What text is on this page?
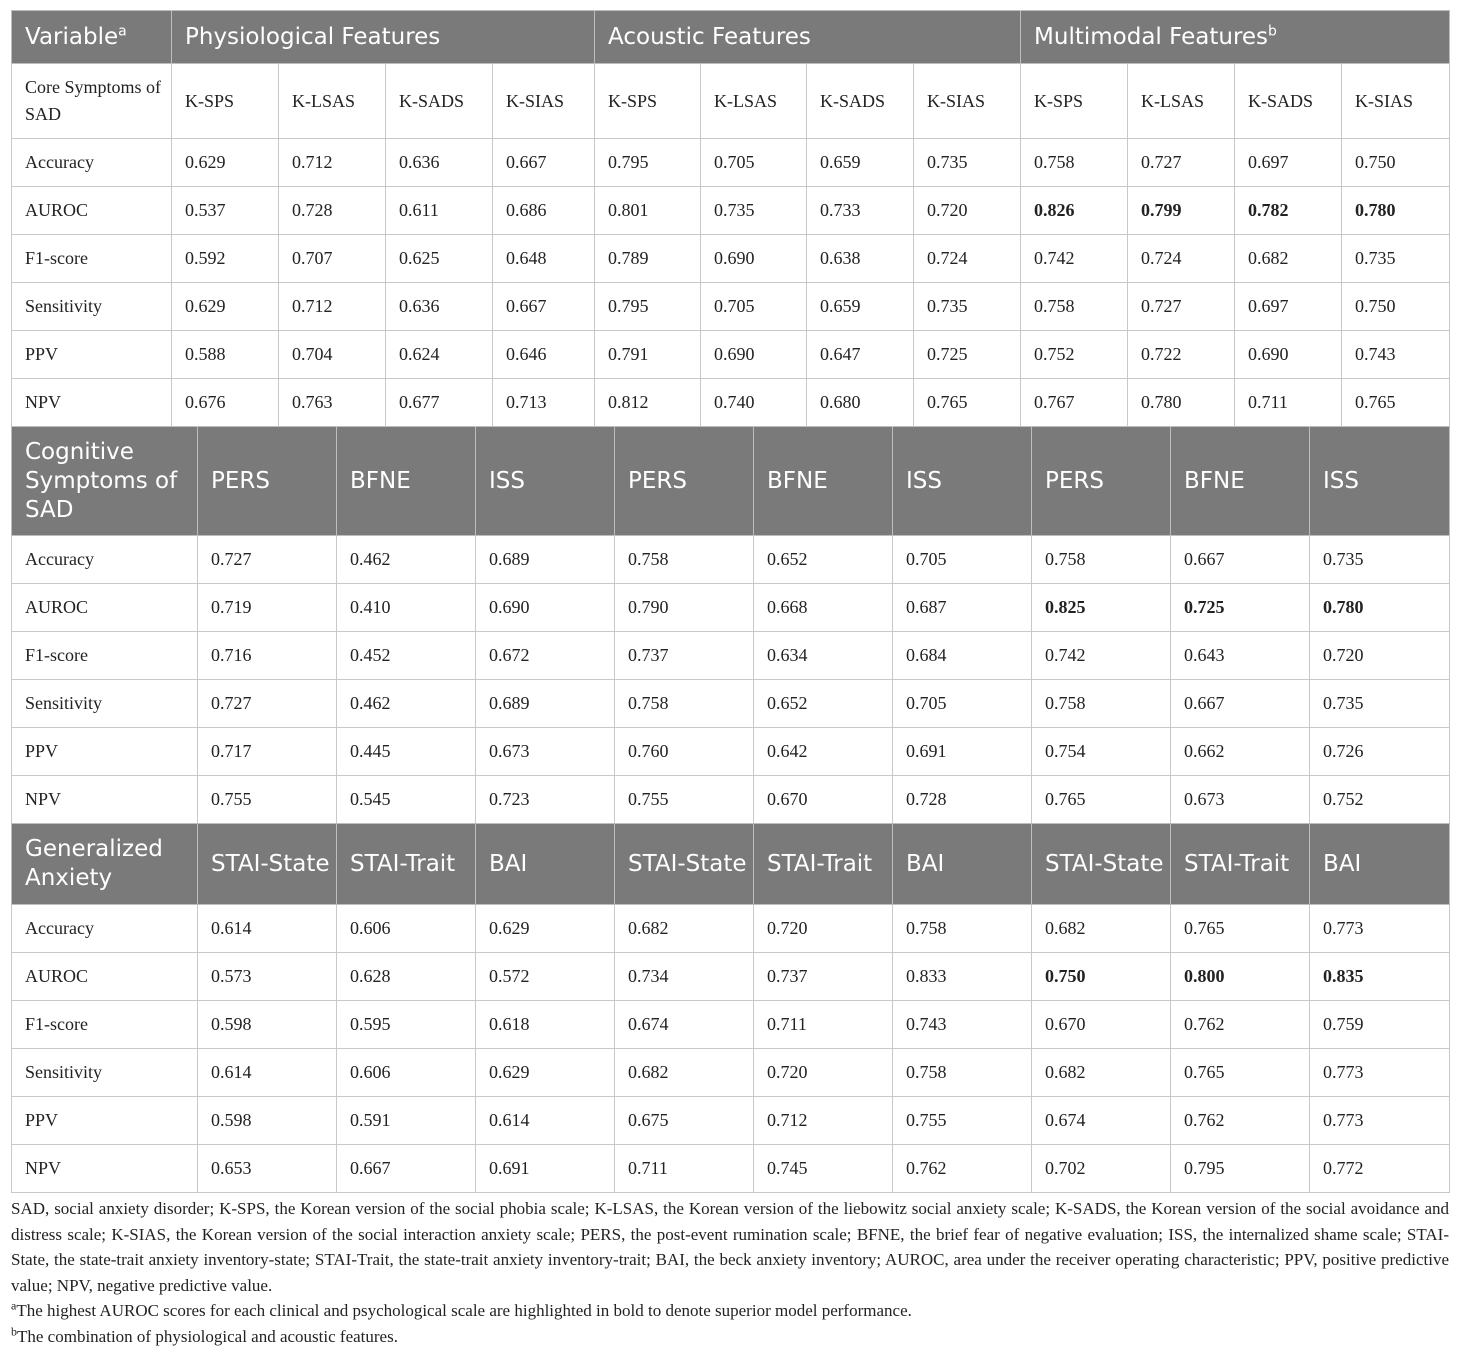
Variable$^a$	Physiological Features				Acoustic Features				Multimodal Features$^b$
Core Symptoms of SAD	K-SPS	K-LSAS	K-SADS	K-SIAS	K-SPS	K-LSAS	K-SADS	K-SIAS	K-SPS	K-LSAS	K-SADS	K-SIAS
Accuracy	0.629	0.712	0.636	0.667	0.795	0.705	0.659	0.735	0.758	0.727	0.697	0.750
AUROC	0.537	0.728	0.611	0.686	0.801	0.735	0.733	0.720	0.826	0.799	0.782	0.780
F1-score	0.592	0.707	0.625	0.648	0.789	0.690	0.638	0.724	0.742	0.724	0.682	0.735
Sensitivity	0.629	0.712	0.636	0.667	0.795	0.705	0.659	0.735	0.758	0.727	0.697	0.750
PPV	0.588	0.704	0.624	0.646	0.791	0.690	0.647	0.725	0.752	0.722	0.690	0.743
NPV	0.676	0.763	0.677	0.713	0.812	0.740	0.680	0.765	0.767	0.780	0.711	0.765
Cognitive Symptoms of SAD	PERS	BFNE	ISS	PERS	BFNE	ISS	PERS	BFNE	ISS
Accuracy	0.727	0.462	0.689	0.758	0.652	0.705	0.758	0.667	0.735
AUROC	0.719	0.410	0.690	0.790	0.668	0.687	0.825	0.725	0.780
F1-score	0.716	0.452	0.672	0.737	0.634	0.684	0.742	0.643	0.720
Sensitivity	0.727	0.462	0.689	0.758	0.652	0.705	0.758	0.667	0.735
PPV	0.717	0.445	0.673	0.760	0.642	0.691	0.754	0.662	0.726
NPV	0.755	0.545	0.723	0.755	0.670	0.728	0.765	0.673	0.752
Generalized Anxiety	STAI-State	STAI-Trait	BAI	STAI-State	STAI-Trait	BAI	STAI-State	STAI-Trait	BAI
Accuracy	0.614	0.606	0.629	0.682	0.720	0.758	0.682	0.765	0.773
AUROC	0.573	0.628	0.572	0.734	0.737	0.833	0.750	0.800	0.835
F1-score	0.598	0.595	0.618	0.674	0.711	0.743	0.670	0.762	0.759
Sensitivity	0.614	0.606	0.629	0.682	0.720	0.758	0.682	0.765	0.773
PPV	0.598	0.591	0.614	0.675	0.712	0.755	0.674	0.762	0.773
NPV	0.653	0.667	0.691	0.711	0.745	0.762	0.702	0.795	0.772

SAD, social anxiety disorder; K-SPS, the Korean version of the social phobia scale; K-LSAS, the Korean version of the liebowitz social anxiety scale; K-SADS, the Korean version of the social avoidance and distress scale; K-SIAS, the Korean version of the social interaction anxiety scale; PERS, the post-event rumination scale; BFNE, the brief fear of negative evaluation; ISS, the internalized shame scale; STAI-State, the state-trait anxiety inventory-state; STAI-Trait, the state-trait anxiety inventory-trait; BAI, the beck anxiety inventory; AUROC, area under the receiver operating characteristic; PPV, positive predictive value; NPV, negative predictive value.

$^a$The highest AUROC scores for each clinical and psychological scale are highlighted in bold to denote superior model performance.

$^b$The combination of physiological and acoustic features.
